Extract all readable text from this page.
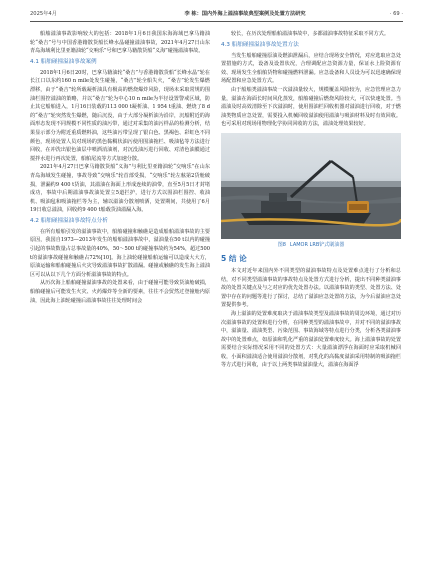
2025年4月	李 栋：国内外海上溢油事故典型案例及处置方法研究	· 69 ·

船舶溢油事故影响较大的包括：2018年1月6日我国东海海域巴拿马籍油轮“桑吉”号与中国香港籍散货船长峰水晶碰撞溢油事故，2021年4月27日山东青岛海域利比里亚籍油轮“交响乐”号和巴拿马籍散货船“义海”碰撞溢油事故。

4.1 船舶碰撞溢油事故案例

2018年1月6日20时，巴拿马籍油轮“桑吉”与香港籍散货船“长峰水晶”轮在长江口以东约160 n mile处发生碰撞，“桑吉”轮全船失火，“桑吉”轮发生爆燃漂移，由于“桑吉”轮所载凝析油具有极高的燃烧爆炸风险，现场未采取常规的围油栏围控溢油的策略，并以“桑吉”轮为中心10 n mile为半径设置警戒区域，防止其它船舶进入，1月16日装载的113 000 t凝析油、1 954 t重油、燃烧了8 d的“桑吉”轮突然发生爆燃，随后沉没，由于大部分凝析油为沿岸，沉船附近的海面形态发现不同规模不同性质的油污带，通过对采集的油污样品的检测分析，结果显示部分为附近重质燃料油，这些油污带呈现了银白色、黑褐色、彩虹色不同颜色，现场处置人员对现场的黑色黏稠状油污使用围油拖栏、吸油毡等方法进行回收，在冲洗出银色油层中喷洒消油剂，对沉没油污进行回收、对清色油膜通过搅拌水进行再次处置，船舶尾流等方式加速分散。

2021年4月27日巴拿马籍散货船“义海”与利比里亚籍油轮“交响乐”在山东青岛海域发生碰撞，事故导致“交响乐”轮首部受损，“交响乐”轮左舷第2货舱破损，泄漏约9 400 t货油，其溢油在海面上形成连续的油带，直至5月5日才封堵成功，事故中后期溢油事故油处置立5道拦护，进行方式以围油栏围控、收油机、吸油毡和吸油拖栏等为主，辅以溢油分散剂喷洒，处置期间，共使用了6月19日收总溢油，回收约9 400 t船载货油溢漏入海。

4.2 船舶碰撞溢油事故特点分析

在所有船舶引发的溢油事故中，船舶碰撞和触礁是造成船舶溢油事故的主要原因，我国自1973—2013年发生的船舶溢油事故中，溢油量在50 t以内的碰撞引起的事故数量占总事故量的40%，50～500 t的碰撞事故约为54%，超过500 t的溢油事故碰撞和触礁占72%[10]。海上油轮碰撞船舶运输可以造成大大方，原油运输和船舶碰撞后火灾导致溢油事故扩散溢漏。碰撞或触礁的发生海上溢油区可以从以下几个方面分析溢油事故的特点。

从历次海上船舶碰撞溢油事故的处置来看，由于碰撞可能导致货油舱破损，船舶碰撞后可能发生火灾、火药爆炸等全新的要素，往往不会贸然过登撞舱内原油，因此海上油轮碰撞后溢油事故往往处理时间会

较长，在历次处理船舶溢油事故中，多都溢油事故特征采取不同方式。

4.3 船舶碰撞溢油事故处置方法

当发生船舶碰撞原油及燃油泄漏后，应结合现场安全情况，对应选取应急处置措施的方式，设备及设置状况，合理调配应急资源力量，保证水上险资源有效、现场发生全船舶货物和碰撞燃料泄漏。应急设备和人员设为可以迅速确保现场配置和应急处置方式。

由于船舶类溢油事故一次溢油量较大，规模覆盖风险较为，应急管理应急力量，溢油在海面长时间风化蒸发，船舶碰撞后燃烧风险较大，可以快速处置。当溢油及时高效清除至下次溢油时，使用围油栏回收机器对溢油进行回收，对于燃油类物质应急处置，需要投入机械回收溢油使用溢油与吸油材料及时有效回收。也可采用对现场用物理化学协同回收的方法，溢油处理效果较好。

图8 LAMOR LRB铲式刷油器
5 结 论

本文对近年来国内外不同类型的溢油事故特点及处置难点进行了分析和总结，对不同类型溢油事故的事故特点及处置方式进行分析，提出不同种类溢油事故的处置关键点及与之对应的优先处置办法。以溢油事故的类型、处置方法、处置中存在的问题等进行了探讨，总结了溢油应急处置的方法，为今后溢油应急处置提供参考。

海上溢油的处置难度取决于溢油事故类型及溢油事故的周边环境，通过对历次溢油事故的处置和进行分析，在同种类型的溢油事故中，并对不同的溢油事故中，溢油量、溢油类型、污染范围、事故海域等特点进行分类，分析各类溢油事故中的处置难点，如原油和乳化严重的溢油处置难度较大。海上溢油事故的处置需要结合实际情况采用不同的处置方式：大量溢油漂浮在海面时应采取机械回收，小面积溢油适合使用溢油分散剂，对乳化的高黏度溢油采用特制的吸油拖栏等方式进行回收，由于以上两类事故溢油量大，溢油在海面浮
